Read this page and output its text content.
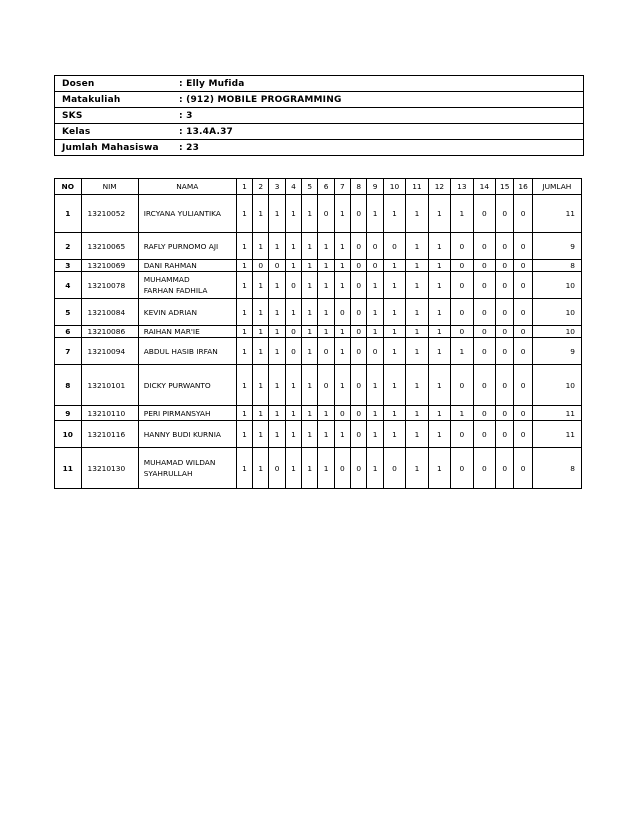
Dosen	: Elly Mufida
Matakuliah	: (912) MOBILE PROGRAMMING
SKS	: 3
Kelas	: 13.4A.37
Jumlah Mahasiswa	: 23
NO	NIM	NAMA	1	2	3	4	5	6	7	8	9	10	11	12	13	14	15	16	JUMLAH
1	13210052	IRCYANA YULIANTIKA	1	1	1	1	1	0	1	0	1	1	1	1	1	0	0	0	11
2	13210065	RAFLY PURNOMO AJI	1	1	1	1	1	1	1	0	0	0	1	1	0	0	0	0	9
3	13210069	DANI RAHMAN	1	0	0	1	1	1	1	0	0	1	1	1	0	0	0	0	8
4	13210078	MUHAMMAD FARHAN FADHILA	1	1	1	0	1	1	1	0	1	1	1	1	0	0	0	0	10
5	13210084	KEVIN ADRIAN	1	1	1	1	1	1	0	0	1	1	1	1	0	0	0	0	10
6	13210086	RAIHAN MAR'IE	1	1	1	0	1	1	1	0	1	1	1	1	0	0	0	0	10
7	13210094	ABDUL HASIB IRFAN	1	1	1	0	1	0	1	0	0	1	1	1	1	0	0	0	9
8	13210101	DICKY PURWANTO	1	1	1	1	1	0	1	0	1	1	1	1	0	0	0	0	10
9	13210110	PERI PIRMANSYAH	1	1	1	1	1	1	0	0	1	1	1	1	1	0	0	0	11
10	13210116	HANNY BUDI KURNIA	1	1	1	1	1	1	1	0	1	1	1	1	0	0	0	0	11
11	13210130	MUHAMAD WILDAN SYAHRULLAH	1	1	0	1	1	1	0	0	1	0	1	1	0	0	0	0	8
